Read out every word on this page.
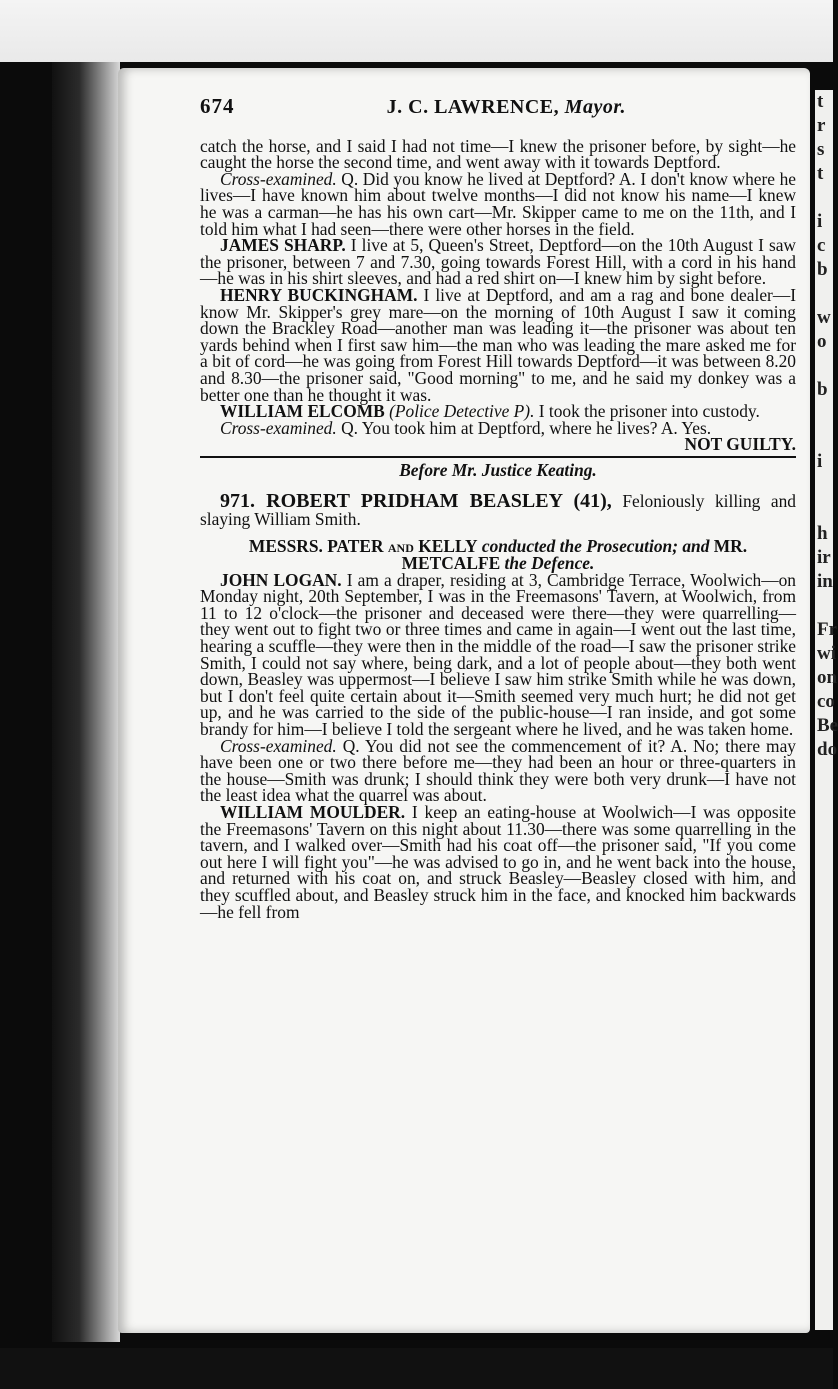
t
r
s
t

i
c
b

w
o

b

i

h
ir
in

Fr
wi
on
co
Be
do
674	J. C. LAWRENCE, Mayor.

catch the horse, and I said I had not time—I knew the prisoner before, by sight—he caught the horse the second time, and went away with it towards Deptford.

Cross-examined. Q. Did you know he lived at Deptford? A. I don't know where he lives—I have known him about twelve months—I did not know his name—I knew he was a carman—he has his own cart—Mr. Skipper came to me on the 11th, and I told him what I had seen—there were other horses in the field.

JAMES SHARP. I live at 5, Queen's Street, Deptford—on the 10th August I saw the prisoner, between 7 and 7.30, going towards Forest Hill, with a cord in his hand—he was in his shirt sleeves, and had a red shirt on—I knew him by sight before.

HENRY BUCKINGHAM. I live at Deptford, and am a rag and bone dealer—I know Mr. Skipper's grey mare—on the morning of 10th August I saw it coming down the Brackley Road—another man was leading it—the prisoner was about ten yards behind when I first saw him—the man who was leading the mare asked me for a bit of cord—he was going from Forest Hill towards Deptford—it was between 8.20 and 8.30—the prisoner said, "Good morning" to me, and he said my donkey was a better one than he thought it was.

WILLIAM ELCOMB (Police Detective P). I took the prisoner into custody.

Cross-examined. Q. You took him at Deptford, where he lives? A. Yes.

NOT GUILTY.

Before Mr. Justice Keating.

971. ROBERT PRIDHAM BEASLEY (41), Feloniously killing and slaying William Smith.

MESSRS. PATER and KELLY conducted the Prosecution; and MR. METCALFE the Defence.

JOHN LOGAN. I am a draper, residing at 3, Cambridge Terrace, Woolwich—on Monday night, 20th September, I was in the Freemasons' Tavern, at Woolwich, from 11 to 12 o'clock—the prisoner and deceased were there—they were quarrelling—they went out to fight two or three times and came in again—I went out the last time, hearing a scuffle—they were then in the middle of the road—I saw the prisoner strike Smith, I could not say where, being dark, and a lot of people about—they both went down, Beasley was uppermost—I believe I saw him strike Smith while he was down, but I don't feel quite certain about it—Smith seemed very much hurt; he did not get up, and he was carried to the side of the public-house—I ran inside, and got some brandy for him—I believe I told the sergeant where he lived, and he was taken home.

Cross-examined. Q. You did not see the commencement of it? A. No; there may have been one or two there before me—they had been an hour or three-quarters in the house—Smith was drunk; I should think they were both very drunk—I have not the least idea what the quarrel was about.

WILLIAM MOULDER. I keep an eating-house at Woolwich—I was opposite the Freemasons' Tavern on this night about 11.30—there was some quarrelling in the tavern, and I walked over—Smith had his coat off—the prisoner said, "If you come out here I will fight you"—he was advised to go in, and he went back into the house, and returned with his coat on, and struck Beasley—Beasley closed with him, and they scuffled about, and Beasley struck him in the face, and knocked him backwards—he fell from
